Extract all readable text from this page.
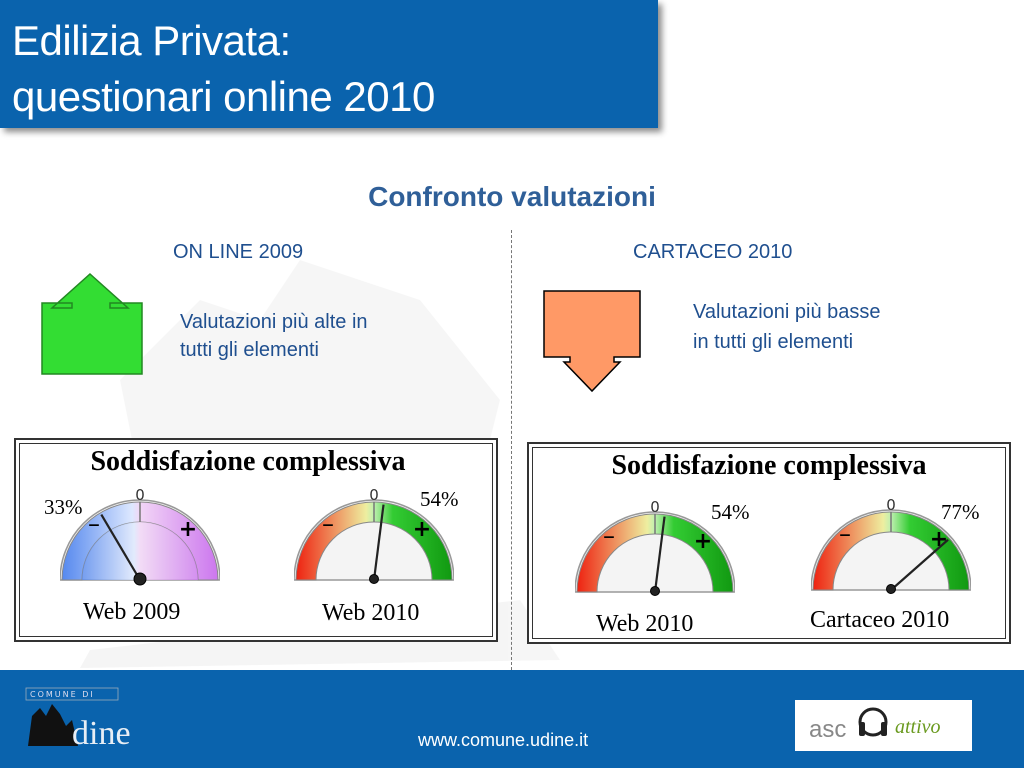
Edilizia Privata:
questionari online 2010
Confronto valutazioni
ON LINE 2009
Valutazioni più alte in
tutti gli elementi
CARTACEO 2010
Valutazioni più basse
in tutti gli elementi
Soddisfazione complessiva
0
–	+
0
–	+
33%	54%
Web 2009	Web 2010
Soddisfazione complessiva
0
–	+
0
–	+
54%	77%
Web 2010	Cartaceo 2010
COMUNE DI
dine	asc attivo
www.comune.udine.it
